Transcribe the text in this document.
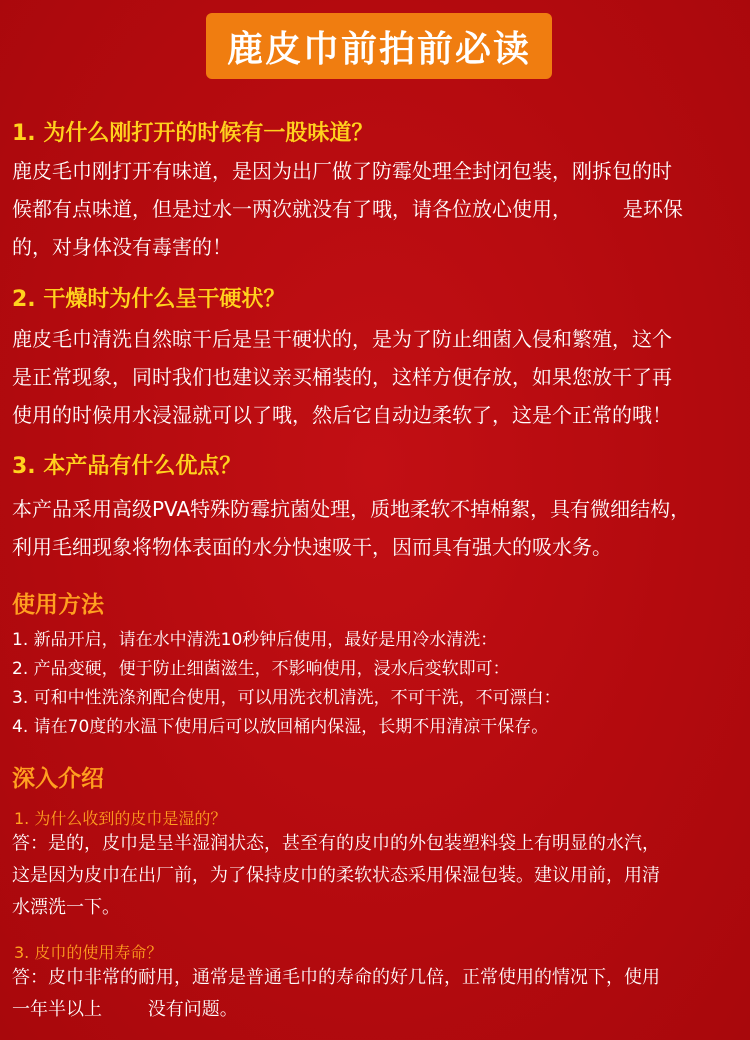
鹿皮巾前拍前必读
1. 为什么刚打开的时候有一股味道？
鹿皮毛巾刚打开有味道，是因为出厂做了防霉处理全封闭包装，刚拆包的时
候都有点味道，但是过水一两次就没有了哦，请各位放心使用，        是环保
的，对身体没有毒害的！
2. 干燥时为什么呈干硬状？
鹿皮毛巾清洗自然晾干后是呈干硬状的，是为了防止细菌入侵和繁殖，这个
是正常现象，同时我们也建议亲买桶装的，这样方便存放，如果您放干了再
使用的时候用水浸湿就可以了哦，然后它自动边柔软了，这是个正常的哦！
3. 本产品有什么优点？
本产品采用高级PVA特殊防霉抗菌处理，质地柔软不掉棉絮，具有微细结构，
利用毛细现象将物体表面的水分快速吸干，因而具有强大的吸水务。
使用方法
1. 新品开启，请在水中清洗10秒钟后使用，最好是用冷水清洗：
2. 产品变硬，便于防止细菌滋生，不影响使用，浸水后变软即可：
3. 可和中性洗涤剂配合使用，可以用洗衣机清洗，不可干洗，不可漂白：
4. 请在70度的水温下使用后可以放回桶内保湿，长期不用清凉干保存。
深入介绍
1. 为什么收到的皮巾是湿的？
答：是的，皮巾是呈半湿润状态，甚至有的皮巾的外包装塑料袋上有明显的水汽，
这是因为皮巾在出厂前，为了保持皮巾的柔软状态采用保湿包装。建议用前，用清
水漂洗一下。
3. 皮巾的使用寿命？
答：皮巾非常的耐用，通常是普通毛巾的寿命的好几倍，正常使用的情况下，使用
一年半以上        没有问题。
